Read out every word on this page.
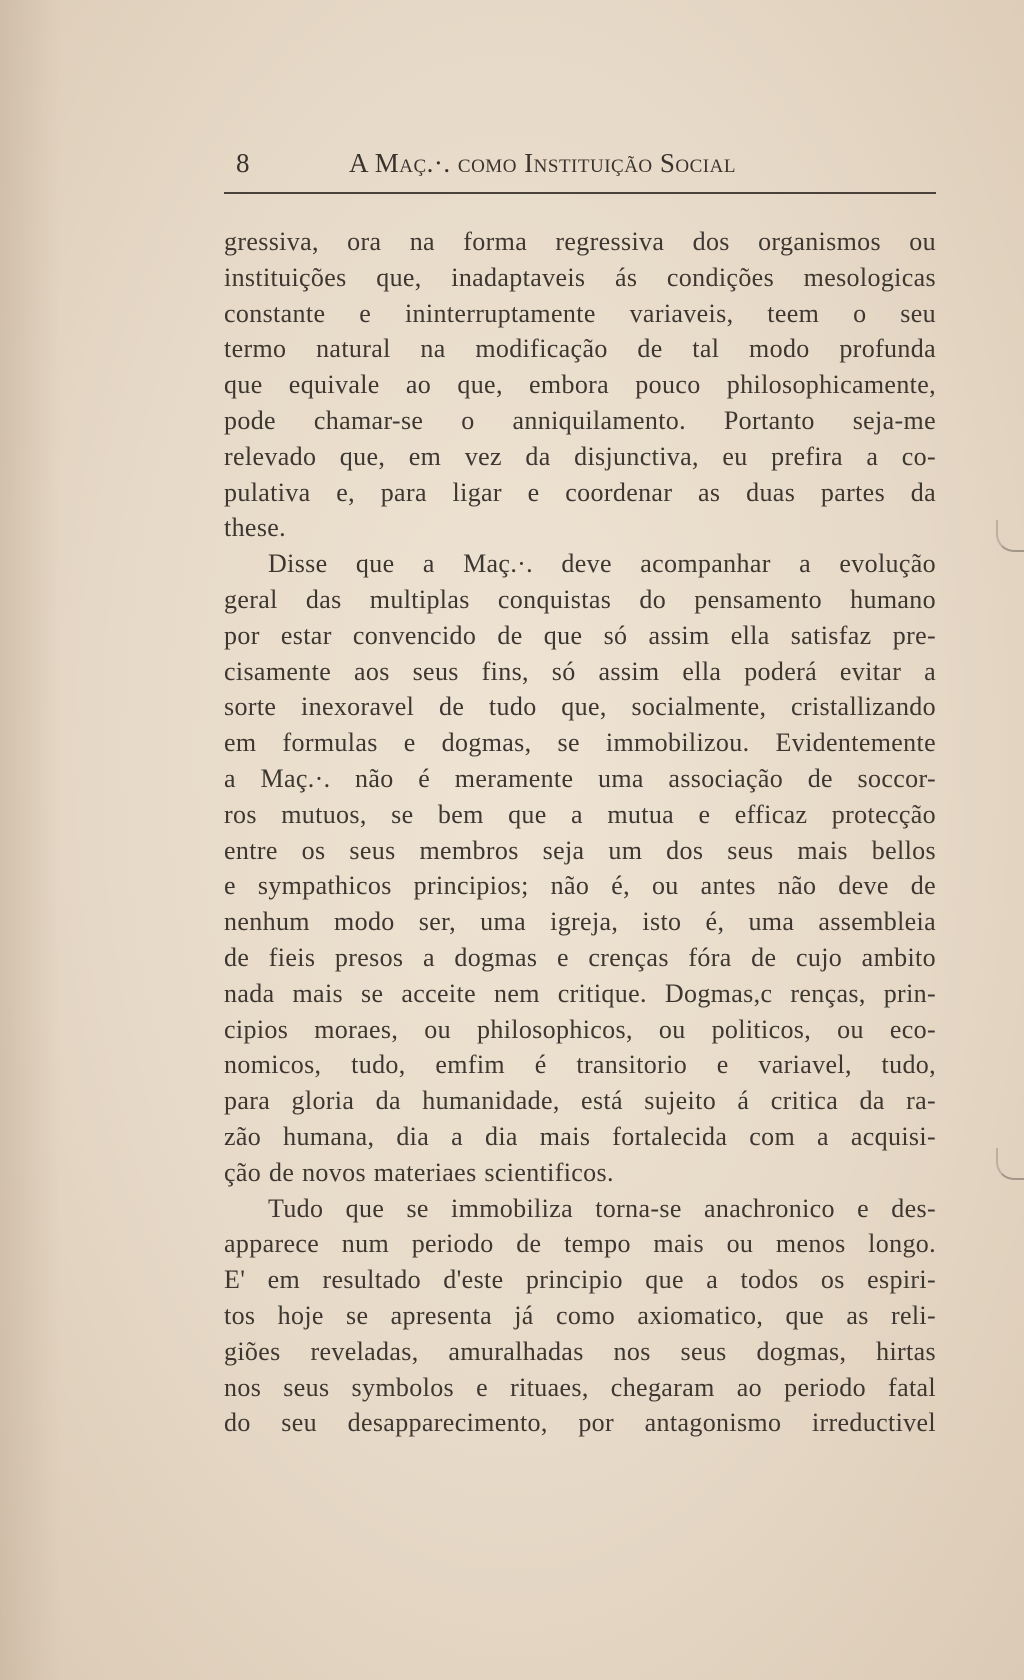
8	A Maç.·. como Instituição Social
gressiva, ora na forma regressiva dos organismos ou
instituições que, inadaptaveis ás condições mesologicas
constante e ininterruptamente variaveis, teem o seu
termo natural na modificação de tal modo profunda
que equivale ao que, embora pouco philosophicamente,
pode chamar-se o anniquilamento. Portanto seja-me
relevado que, em vez da disjunctiva, eu prefira a co-
pulativa e, para ligar e coordenar as duas partes da
these.
Disse que a Maç.·. deve acompanhar a evolução
geral das multiplas conquistas do pensamento humano
por estar convencido de que só assim ella satisfaz pre-
cisamente aos seus fins, só assim ella poderá evitar a
sorte inexoravel de tudo que, socialmente, cristallizando
em formulas e dogmas, se immobilizou. Evidentemente
a Maç.·. não é meramente uma associação de soccor-
ros mutuos, se bem que a mutua e efficaz protecção
entre os seus membros seja um dos seus mais bellos
e sympathicos principios; não é, ou antes não deve de
nenhum modo ser, uma igreja, isto é, uma assembleia
de fieis presos a dogmas e crenças fóra de cujo ambito
nada mais se acceite nem critique. Dogmas,c renças, prin-
cipios moraes, ou philosophicos, ou politicos, ou eco-
nomicos, tudo, emfim é transitorio e variavel, tudo,
para gloria da humanidade, está sujeito á critica da ra-
zão humana, dia a dia mais fortalecida com a acquisi-
ção de novos materiaes scientificos.
Tudo que se immobiliza torna-se anachronico e des-
apparece num periodo de tempo mais ou menos longo.
E' em resultado d'este principio que a todos os espiri-
tos hoje se apresenta já como axiomatico, que as reli-
giões reveladas, amuralhadas nos seus dogmas, hirtas
nos seus symbolos e rituaes, chegaram ao periodo fatal
do seu desapparecimento, por antagonismo irreductivel
